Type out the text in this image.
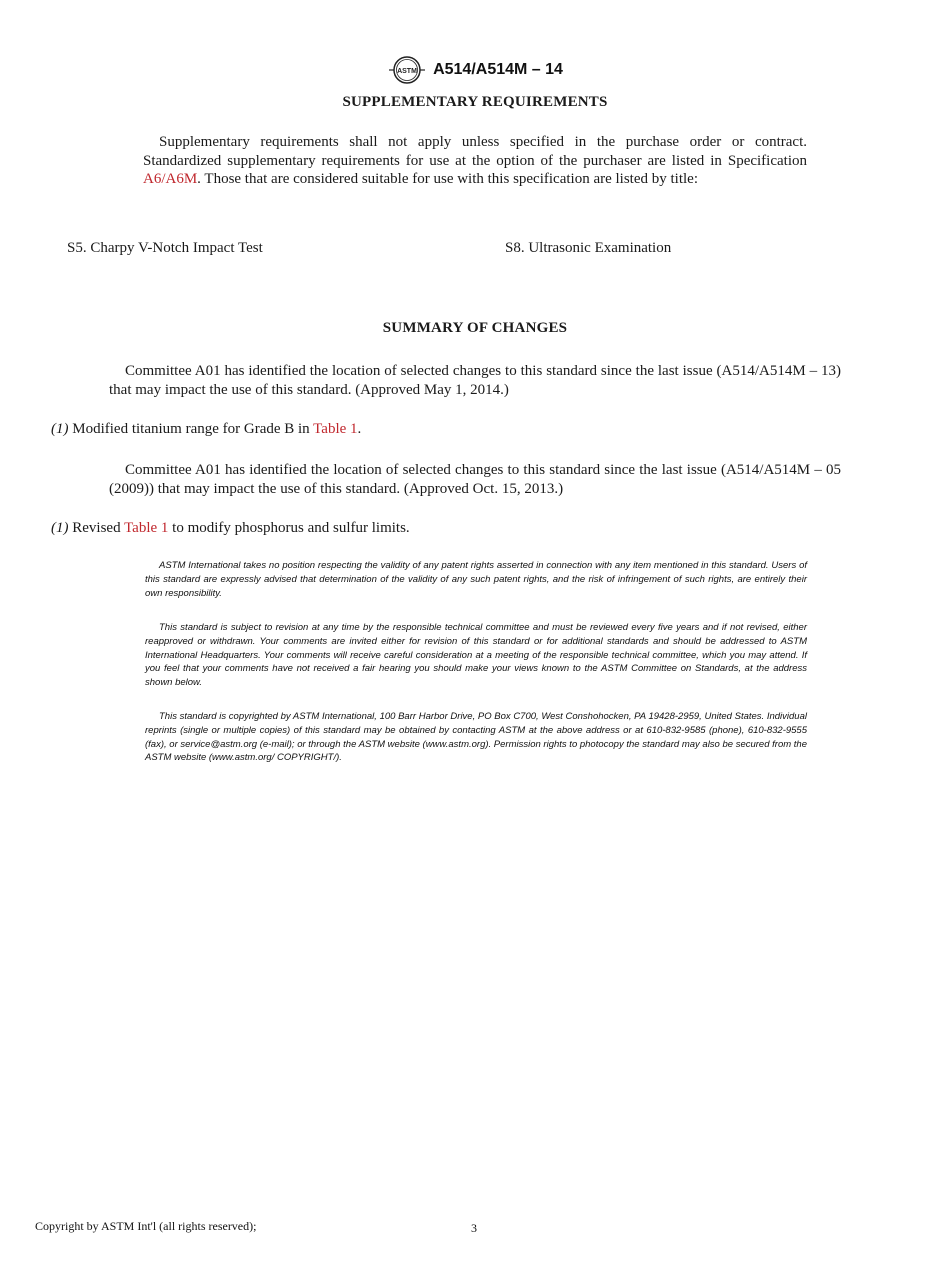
ASTM A514/A514M – 14
SUPPLEMENTARY REQUIREMENTS
Supplementary requirements shall not apply unless specified in the purchase order or contract. Standardized supplementary requirements for use at the option of the purchaser are listed in Specification A6/A6M. Those that are considered suitable for use with this specification are listed by title:
S5. Charpy V-Notch Impact Test	S8. Ultrasonic Examination
SUMMARY OF CHANGES
Committee A01 has identified the location of selected changes to this standard since the last issue (A514/A514M – 13) that may impact the use of this standard. (Approved May 1, 2014.)
(1) Modified titanium range for Grade B in Table 1.
Committee A01 has identified the location of selected changes to this standard since the last issue (A514/A514M – 05 (2009)) that may impact the use of this standard. (Approved Oct. 15, 2013.)
(1) Revised Table 1 to modify phosphorus and sulfur limits.
ASTM International takes no position respecting the validity of any patent rights asserted in connection with any item mentioned in this standard. Users of this standard are expressly advised that determination of the validity of any such patent rights, and the risk of infringement of such rights, are entirely their own responsibility.
This standard is subject to revision at any time by the responsible technical committee and must be reviewed every five years and if not revised, either reapproved or withdrawn. Your comments are invited either for revision of this standard or for additional standards and should be addressed to ASTM International Headquarters. Your comments will receive careful consideration at a meeting of the responsible technical committee, which you may attend. If you feel that your comments have not received a fair hearing you should make your views known to the ASTM Committee on Standards, at the address shown below.
This standard is copyrighted by ASTM International, 100 Barr Harbor Drive, PO Box C700, West Conshohocken, PA 19428-2959, United States. Individual reprints (single or multiple copies) of this standard may be obtained by contacting ASTM at the above address or at 610-832-9585 (phone), 610-832-9555 (fax), or service@astm.org (e-mail); or through the ASTM website (www.astm.org). Permission rights to photocopy the standard may also be secured from the ASTM website (www.astm.org/ COPYRIGHT/).
Copyright by ASTM Int'l (all rights reserved);	3
